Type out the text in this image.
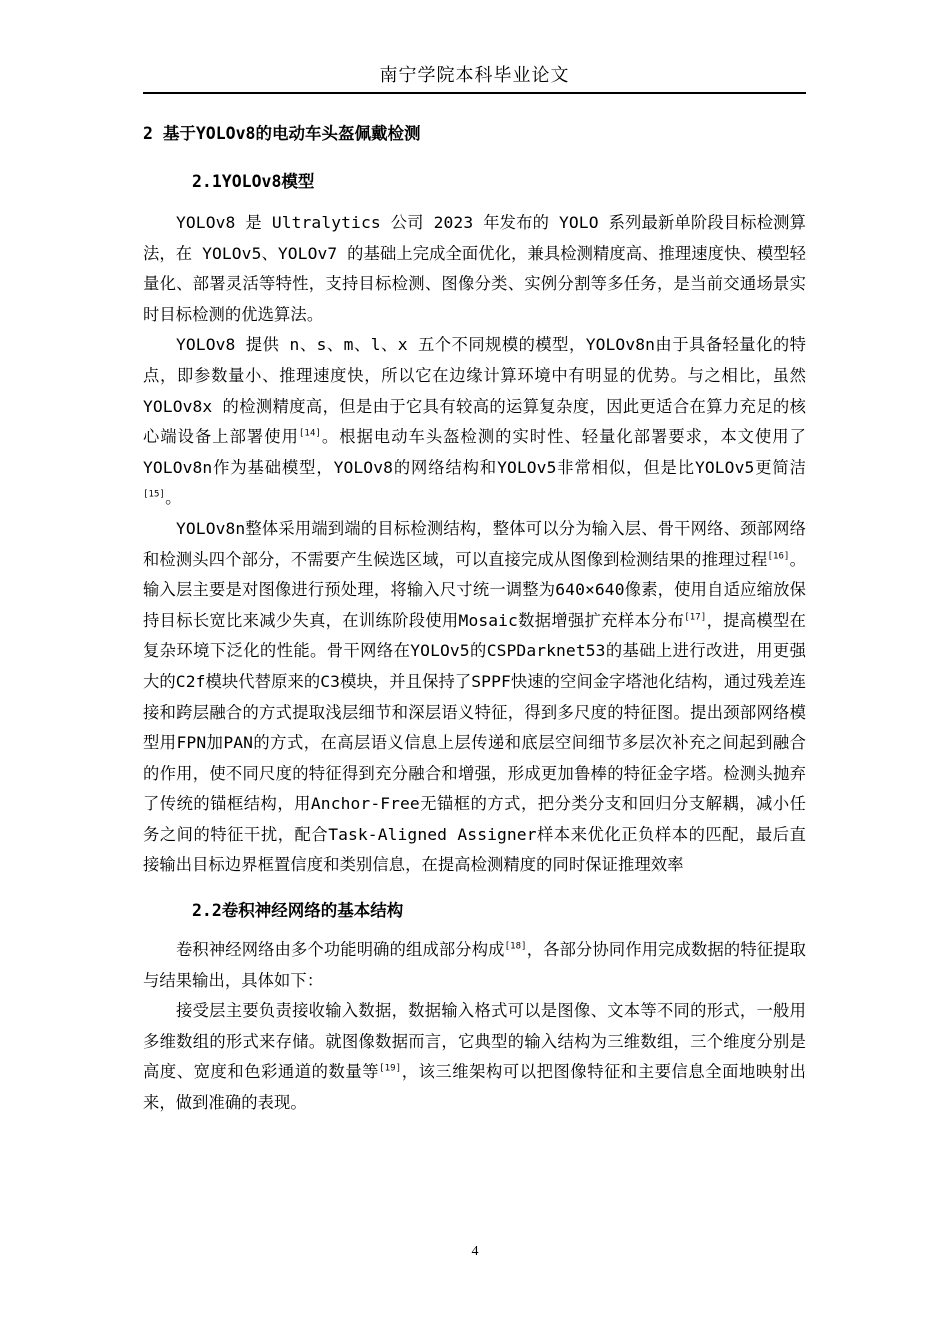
南宁学院本科毕业论文
2 基于YOLOv8的电动车头盔佩戴检测
2.1YOLOv8模型

YOLOv8 是 Ultralytics 公司 2023 年发布的 YOLO 系列最新单阶段目标检测算法，在 YOLOv5、YOLOv7 的基础上完成全面优化，兼具检测精度高、推理速度快、模型轻量化、部署灵活等特性，支持目标检测、图像分类、实例分割等多任务，是当前交通场景实时目标检测的优选算法。

YOLOv8 提供 n、s、m、l、x 五个不同规模的模型，YOLOv8n由于具备轻量化的特点，即参数量小、推理速度快，所以它在边缘计算环境中有明显的优势。与之相比，虽然 YOLOv8x 的检测精度高，但是由于它具有较高的运算复杂度，因此更适合在算力充足的核心端设备上部署使用[14]。根据电动车头盔检测的实时性、轻量化部署要求，本文使用了YOLOv8n作为基础模型，YOLOv8的网络结构和YOLOv5非常相似，但是比YOLOv5更简洁[15]。

YOLOv8n整体采用端到端的目标检测结构，整体可以分为输入层、骨干网络、颈部网络和检测头四个部分，不需要产生候选区域，可以直接完成从图像到检测结果的推理过程[16]。输入层主要是对图像进行预处理，将输入尺寸统一调整为640×640像素，使用自适应缩放保持目标长宽比来减少失真，在训练阶段使用Mosaic数据增强扩充样本分布[17]，提高模型在复杂环境下泛化的性能。骨干网络在YOLOv5的CSPDarknet53的基础上进行改进，用更强大的C2f模块代替原来的C3模块，并且保持了SPPF快速的空间金字塔池化结构，通过残差连接和跨层融合的方式提取浅层细节和深层语义特征，得到多尺度的特征图。提出颈部网络模型用FPN加PAN的方式，在高层语义信息上层传递和底层空间细节多层次补充之间起到融合的作用，使不同尺度的特征得到充分融合和增强，形成更加鲁棒的特征金字塔。检测头抛弃了传统的锚框结构，用Anchor-Free无锚框的方式，把分类分支和回归分支解耦，减小任务之间的特征干扰，配合Task-Aligned Assigner样本来优化正负样本的匹配，最后直接输出目标边界框置信度和类别信息，在提高检测精度的同时保证推理效率

2.2卷积神经网络的基本结构

卷积神经网络由多个功能明确的组成部分构成[18]，各部分协同作用完成数据的特征提取与结果输出，具体如下：

接受层主要负责接收输入数据，数据输入格式可以是图像、文本等不同的形式，一般用多维数组的形式来存储。就图像数据而言，它典型的输入结构为三维数组，三个维度分别是高度、宽度和色彩通道的数量等[19]，该三维架构可以把图像特征和主要信息全面地映射出来，做到准确的表现。

4
